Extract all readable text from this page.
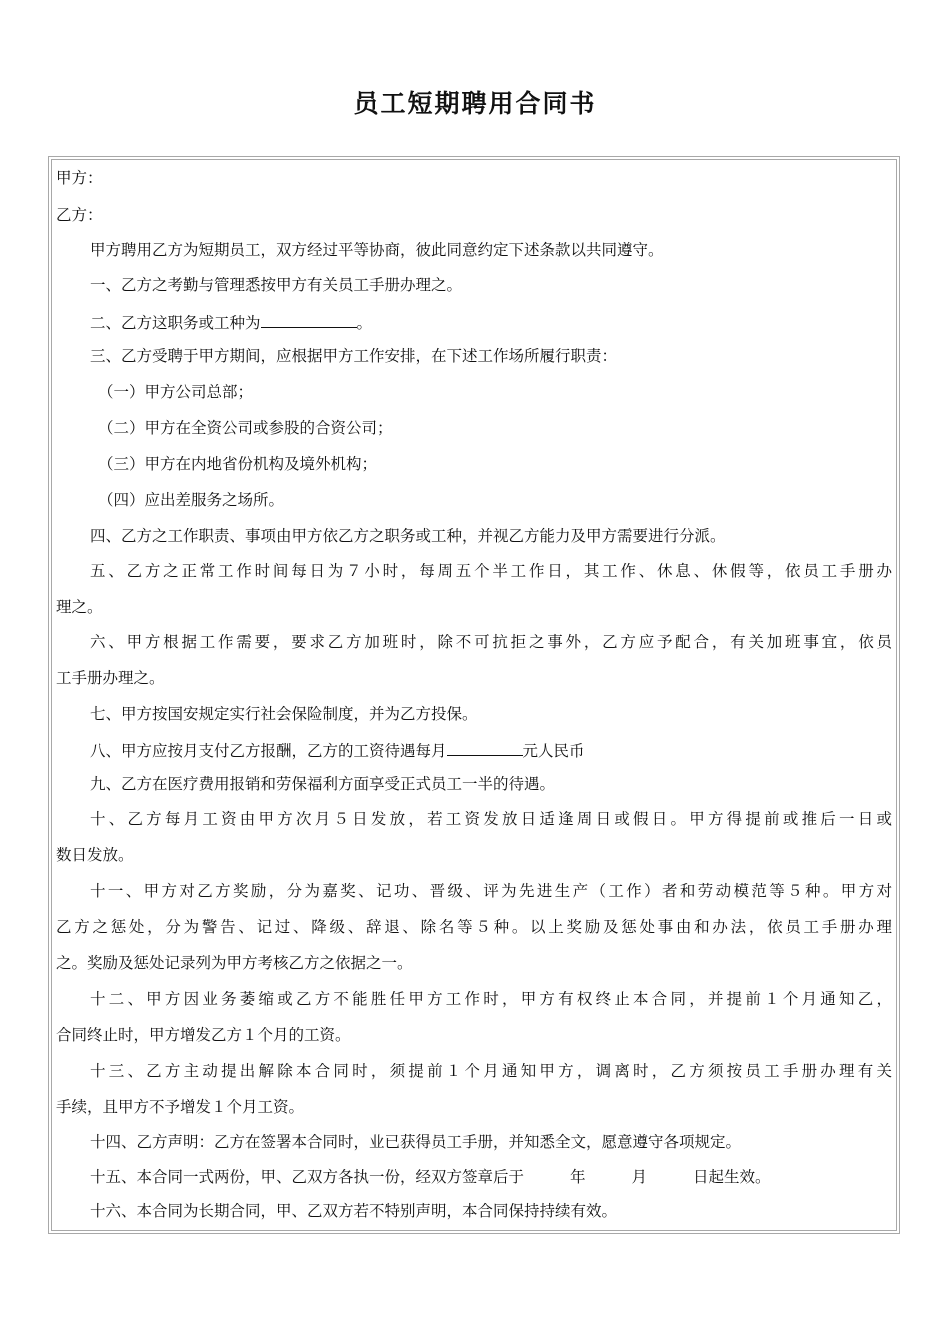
员工短期聘用合同书
甲方：
乙方：
甲方聘用乙方为短期员工，双方经过平等协商，彼此同意约定下述条款以共同遵守。
一、乙方之考勤与管理悉按甲方有关员工手册办理之。
二、乙方这职务或工种为	。
三、乙方受聘于甲方期间，应根据甲方工作安排，在下述工作场所履行职责：
（一）甲方公司总部；
（二）甲方在全资公司或参股的合资公司；
（三）甲方在内地省份机构及境外机构；
（四）应出差服务之场所。
四、乙方之工作职责、事项由甲方依乙方之职务或工种，并视乙方能力及甲方需要进行分派。
五、乙方之正常工作时间每日为７小时，每周五个半工作日，其工作、休息、休假等，依员工手册办
理之。
六、甲方根据工作需要，要求乙方加班时，除不可抗拒之事外，乙方应予配合，有关加班事宜，依员
工手册办理之。
七、甲方按国安规定实行社会保险制度，并为乙方投保。
八、甲方应按月支付乙方报酬，乙方的工资待遇每月	元人民币
九、乙方在医疗费用报销和劳保福利方面享受正式员工一半的待遇。
十、乙方每月工资由甲方次月５日发放，若工资发放日适逢周日或假日。甲方得提前或推后一日或
数日发放。
十一、甲方对乙方奖励，分为嘉奖、记功、晋级、评为先进生产（工作）者和劳动模范等５种。甲方对
乙方之惩处，分为警告、记过、降级、辞退、除名等５种。以上奖励及惩处事由和办法，依员工手册办理
之。奖励及惩处记录列为甲方考核乙方之依据之一。
十二、甲方因业务萎缩或乙方不能胜任甲方工作时，甲方有权终止本合同，并提前１个月通知乙，
合同终止时，甲方增发乙方１个月的工资。
十三、乙方主动提出解除本合同时，须提前１个月通知甲方，调离时，乙方须按员工手册办理有关
手续，且甲方不予增发１个月工资。
十四、乙方声明：乙方在签署本合同时，业已获得员工手册，并知悉全文，愿意遵守各项规定。
十五、本合同一式两份，甲、乙双方各执一份，经双方签章后于	年	月	日起生效。
十六、本合同为长期合同，甲、乙双方若不特别声明，本合同保持持续有效。
